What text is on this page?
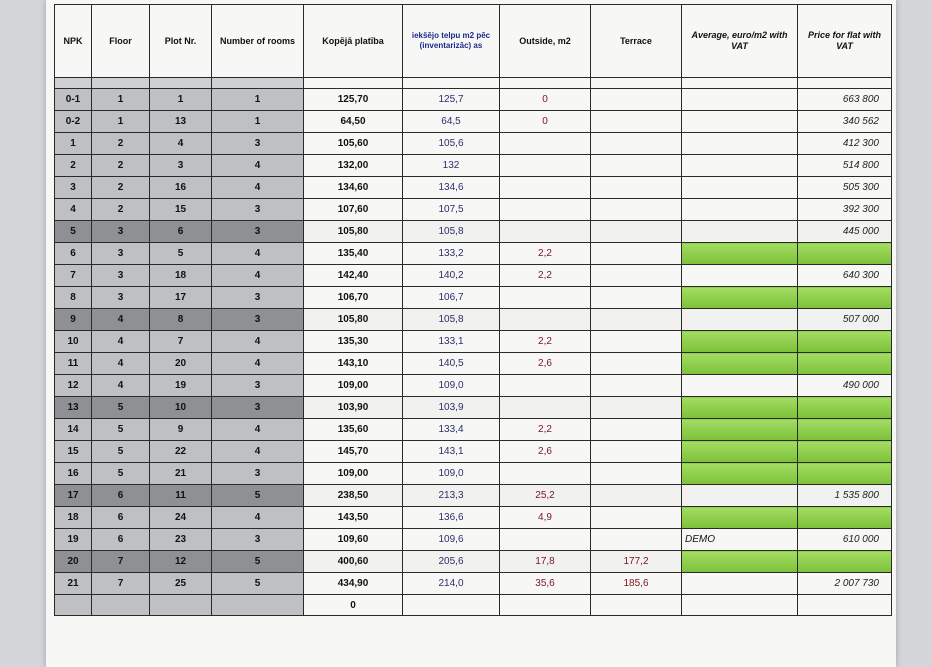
NPK	Floor	Plot Nr.	Number of rooms	Kopējā platība	iekšējo telpu m2 pēc (inventarizāc) as	Outside, m2	Terrace	Average, euro/m2 with VAT	Price for flat with VAT

0-1	1	1	1	125,70	125,7	0			663 800
0-2	1	13	1	64,50	64,5	0			340 562
1	2	4	3	105,60	105,6				412 300
2	2	3	4	132,00	132				514 800
3	2	16	4	134,60	134,6				505 300
4	2	15	3	107,60	107,5				392 300
5	3	6	3	105,80	105,8				445 000
6	3	5	4	135,40	133,2	2,2			
7	3	18	4	142,40	140,2	2,2			640 300
8	3	17	3	106,70	106,7				
9	4	8	3	105,80	105,8				507 000
10	4	7	4	135,30	133,1	2,2			
11	4	20	4	143,10	140,5	2,6			
12	4	19	3	109,00	109,0				490 000
13	5	10	3	103,90	103,9				
14	5	9	4	135,60	133,4	2,2			
15	5	22	4	145,70	143,1	2,6			
16	5	21	3	109,00	109,0				
17	6	11	5	238,50	213,3	25,2			1 535 800
18	6	24	4	143,50	136,6	4,9			
19	6	23	3	109,60	109,6			DEMO	610 000
20	7	12	5	400,60	205,6	17,8	177,2		
21	7	25	5	434,90	214,0	35,6	185,6		2 007 730
				0					
